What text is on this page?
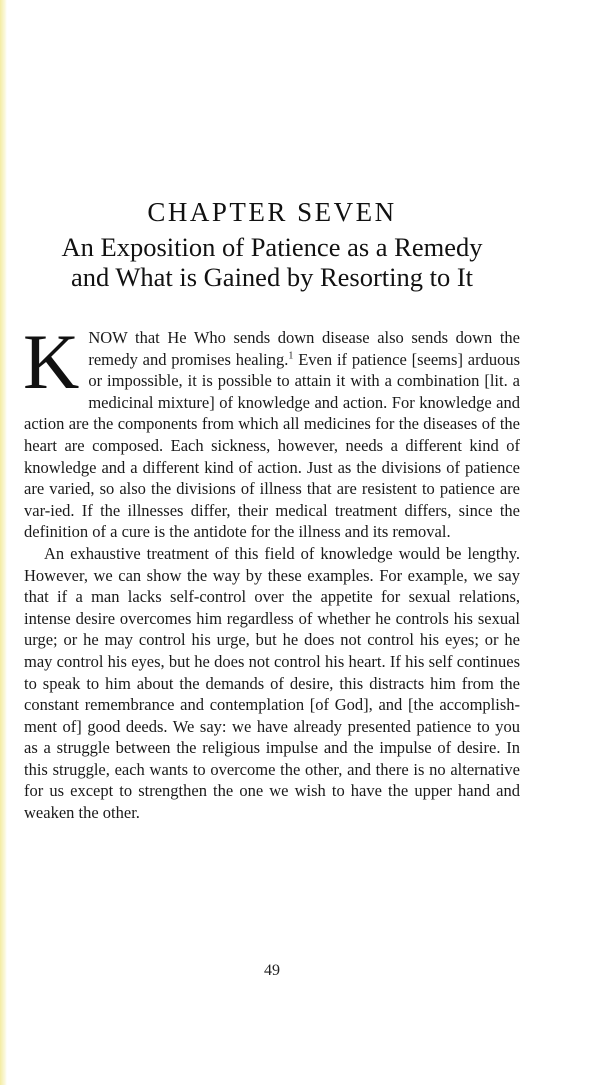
CHAPTER SEVEN
An Exposition of Patience as a Remedy
and What is Gained by Resorting to It

KNOW that He Who sends down disease also sends down the remedy and promises healing.$^1$ Even if patience [seems] arduous or impossible, it is possible to attain it with a combination [lit. a medicinal mixture] of knowledge and action. For knowledge and action are the components from which all medicines for the diseases of the heart are composed. Each sickness, however, needs a different kind of knowledge and a different kind of action. Just as the divisions of patience are varied, so also the divisions of illness that are resistent to patience are var-ied. If the illnesses differ, their medical treatment differs, since the definition of a cure is the antidote for the illness and its removal.

An exhaustive treatment of this field of knowledge would be lengthy. However, we can show the way by these examples. For example, we say that if a man lacks self-control over the appetite for sexual relations, intense desire overcomes him regardless of whether he controls his sexual urge; or he may control his urge, but he does not control his eyes; or he may control his eyes, but he does not control his heart. If his self continues to speak to him about the demands of desire, this distracts him from the constant remembrance and contemplation [of God], and [the accomplish-ment of] good deeds. We say: we have already presented patience to you as a struggle between the religious impulse and the impulse of desire. In this struggle, each wants to overcome the other, and there is no alternative for us except to strengthen the one we wish to have the upper hand and weaken the other.

49
